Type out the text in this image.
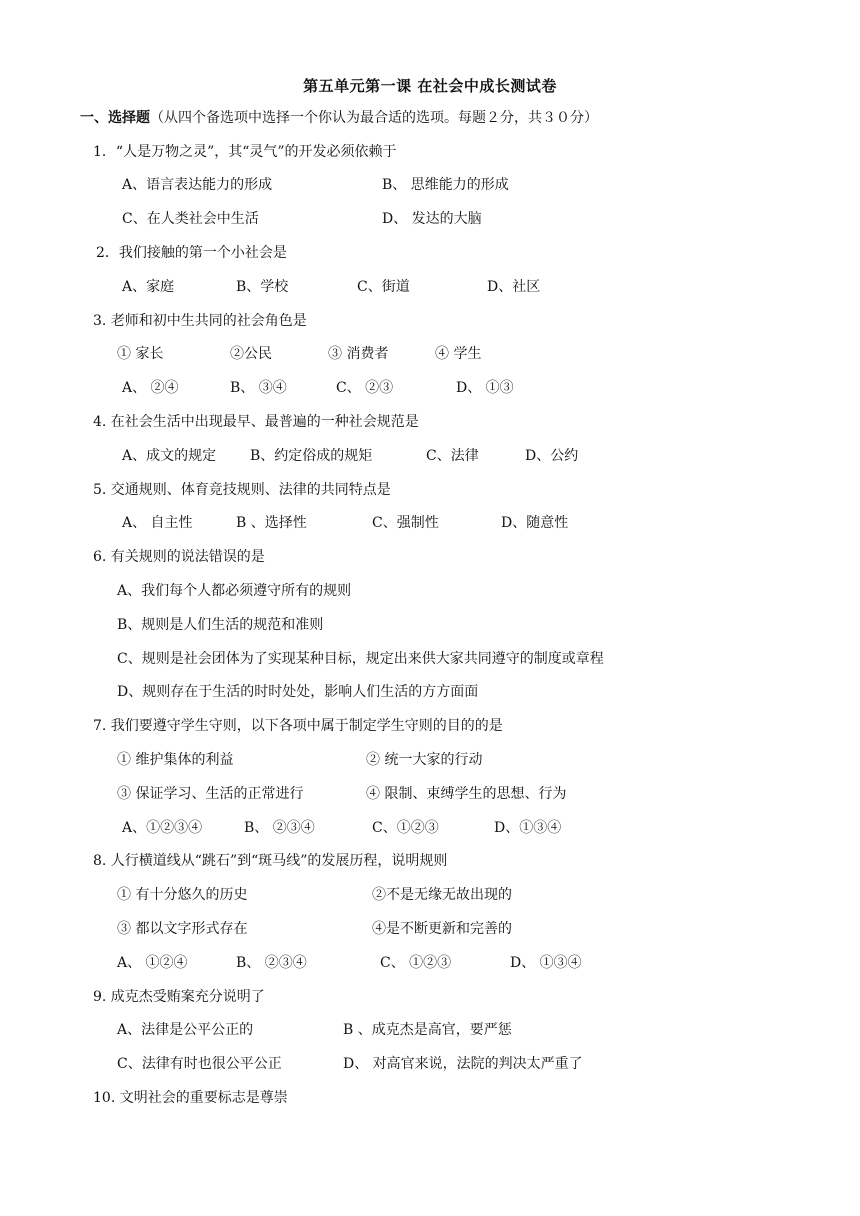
第五单元第一课 在社会中成长测试卷
一、选择题（从四个备选项中选择一个你认为最合适的选项。每题２分，共３０分）
1．“人是万物之灵”，其“灵气”的开发必须依赖于
A、语言表达能力的形成	B、 思维能力的形成
C、在人类社会中生活	D、 发达的大脑
2．我们接触的第一个小社会是
A、家庭	B、学校	C、街道	D、社区
3. 老师和初中生共同的社会角色是
① 家长	②公民	③ 消费者	④ 学生
A、 ②④	B、 ③④	C、 ②③	D、 ①③
4. 在社会生活中出现最早、最普遍的一种社会规范是
A、成文的规定 B、约定俗成的规矩	C、法律	D、公约
5. 交通规则、体育竞技规则、法律的共同特点是
A、 自主性	B 、选择性	C、强制性	D、随意性
6. 有关规则的说法错误的是
A、我们每个人都必须遵守所有的规则
B、规则是人们生活的规范和准则
C、规则是社会团体为了实现某种目标，规定出来供大家共同遵守的制度或章程
D、规则存在于生活的时时处处，影响人们生活的方方面面
7. 我们要遵守学生守则，以下各项中属于制定学生守则的目的的是
① 维护集体的利益	② 统一大家的行动
③ 保证学习、生活的正常进行	④ 限制、束缚学生的思想、行为
A、①②③④	B、 ②③④	C、①②③	D、①③④
8. 人行横道线从“跳石”到“斑马线”的发展历程，说明规则
① 有十分悠久的历史	②不是无缘无故出现的
③ 都以文字形式存在	④是不断更新和完善的
A、 ①②④	B、 ②③④	C、 ①②③	D、 ①③④
9. 成克杰受贿案充分说明了
A、法律是公平公正的	B 、成克杰是高官，要严惩
C、法律有时也很公平公正	D、 对高官来说，法院的判决太严重了
10. 文明社会的重要标志是尊崇
